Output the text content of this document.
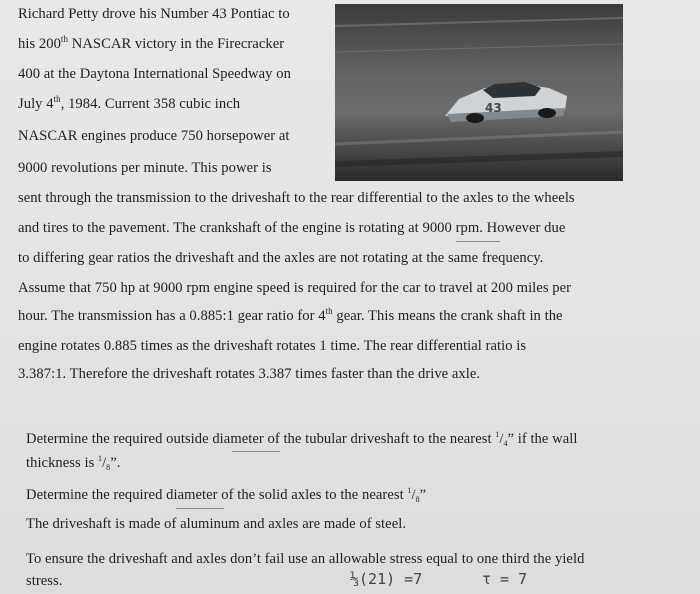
43
Richard Petty drove his Number 43 Pontiac to
his 200th NASCAR victory in the Firecracker
400 at the Daytona International Speedway on
July 4th, 1984. Current 358 cubic inch
NASCAR engines produce 750 horsepower at
9000 revolutions per minute. This power is
sent through the transmission to the driveshaft to the rear differential to the axles to the wheels
and tires to the pavement. The crankshaft of the engine is rotating at 9000 rpm. However due
to differing gear ratios the driveshaft and the axles are not rotating at the same frequency.
Assume that 750 hp at 9000 rpm engine speed is required for the car to travel at 200 miles per
hour. The transmission has a 0.885:1 gear ratio for 4th gear. This means the crank shaft in the
engine rotates 0.885 times as the driveshaft rotates 1 time. The rear differential ratio is
3.387:1. Therefore the driveshaft rotates 3.387 times faster than the drive axle.
Determine the required outside diameter of the tubular driveshaft to the nearest $^1/_4$” if the wall
thickness is $^1/_8$”.
Determine the required diameter of the solid axles to the nearest $^1/_8$”
The driveshaft is made of aluminum and axles are made of steel.
To ensure the driveshaft and axles don’t fail use an allowable stress equal to one third the yield
stress.	⅓(21) =7	τ = 7
